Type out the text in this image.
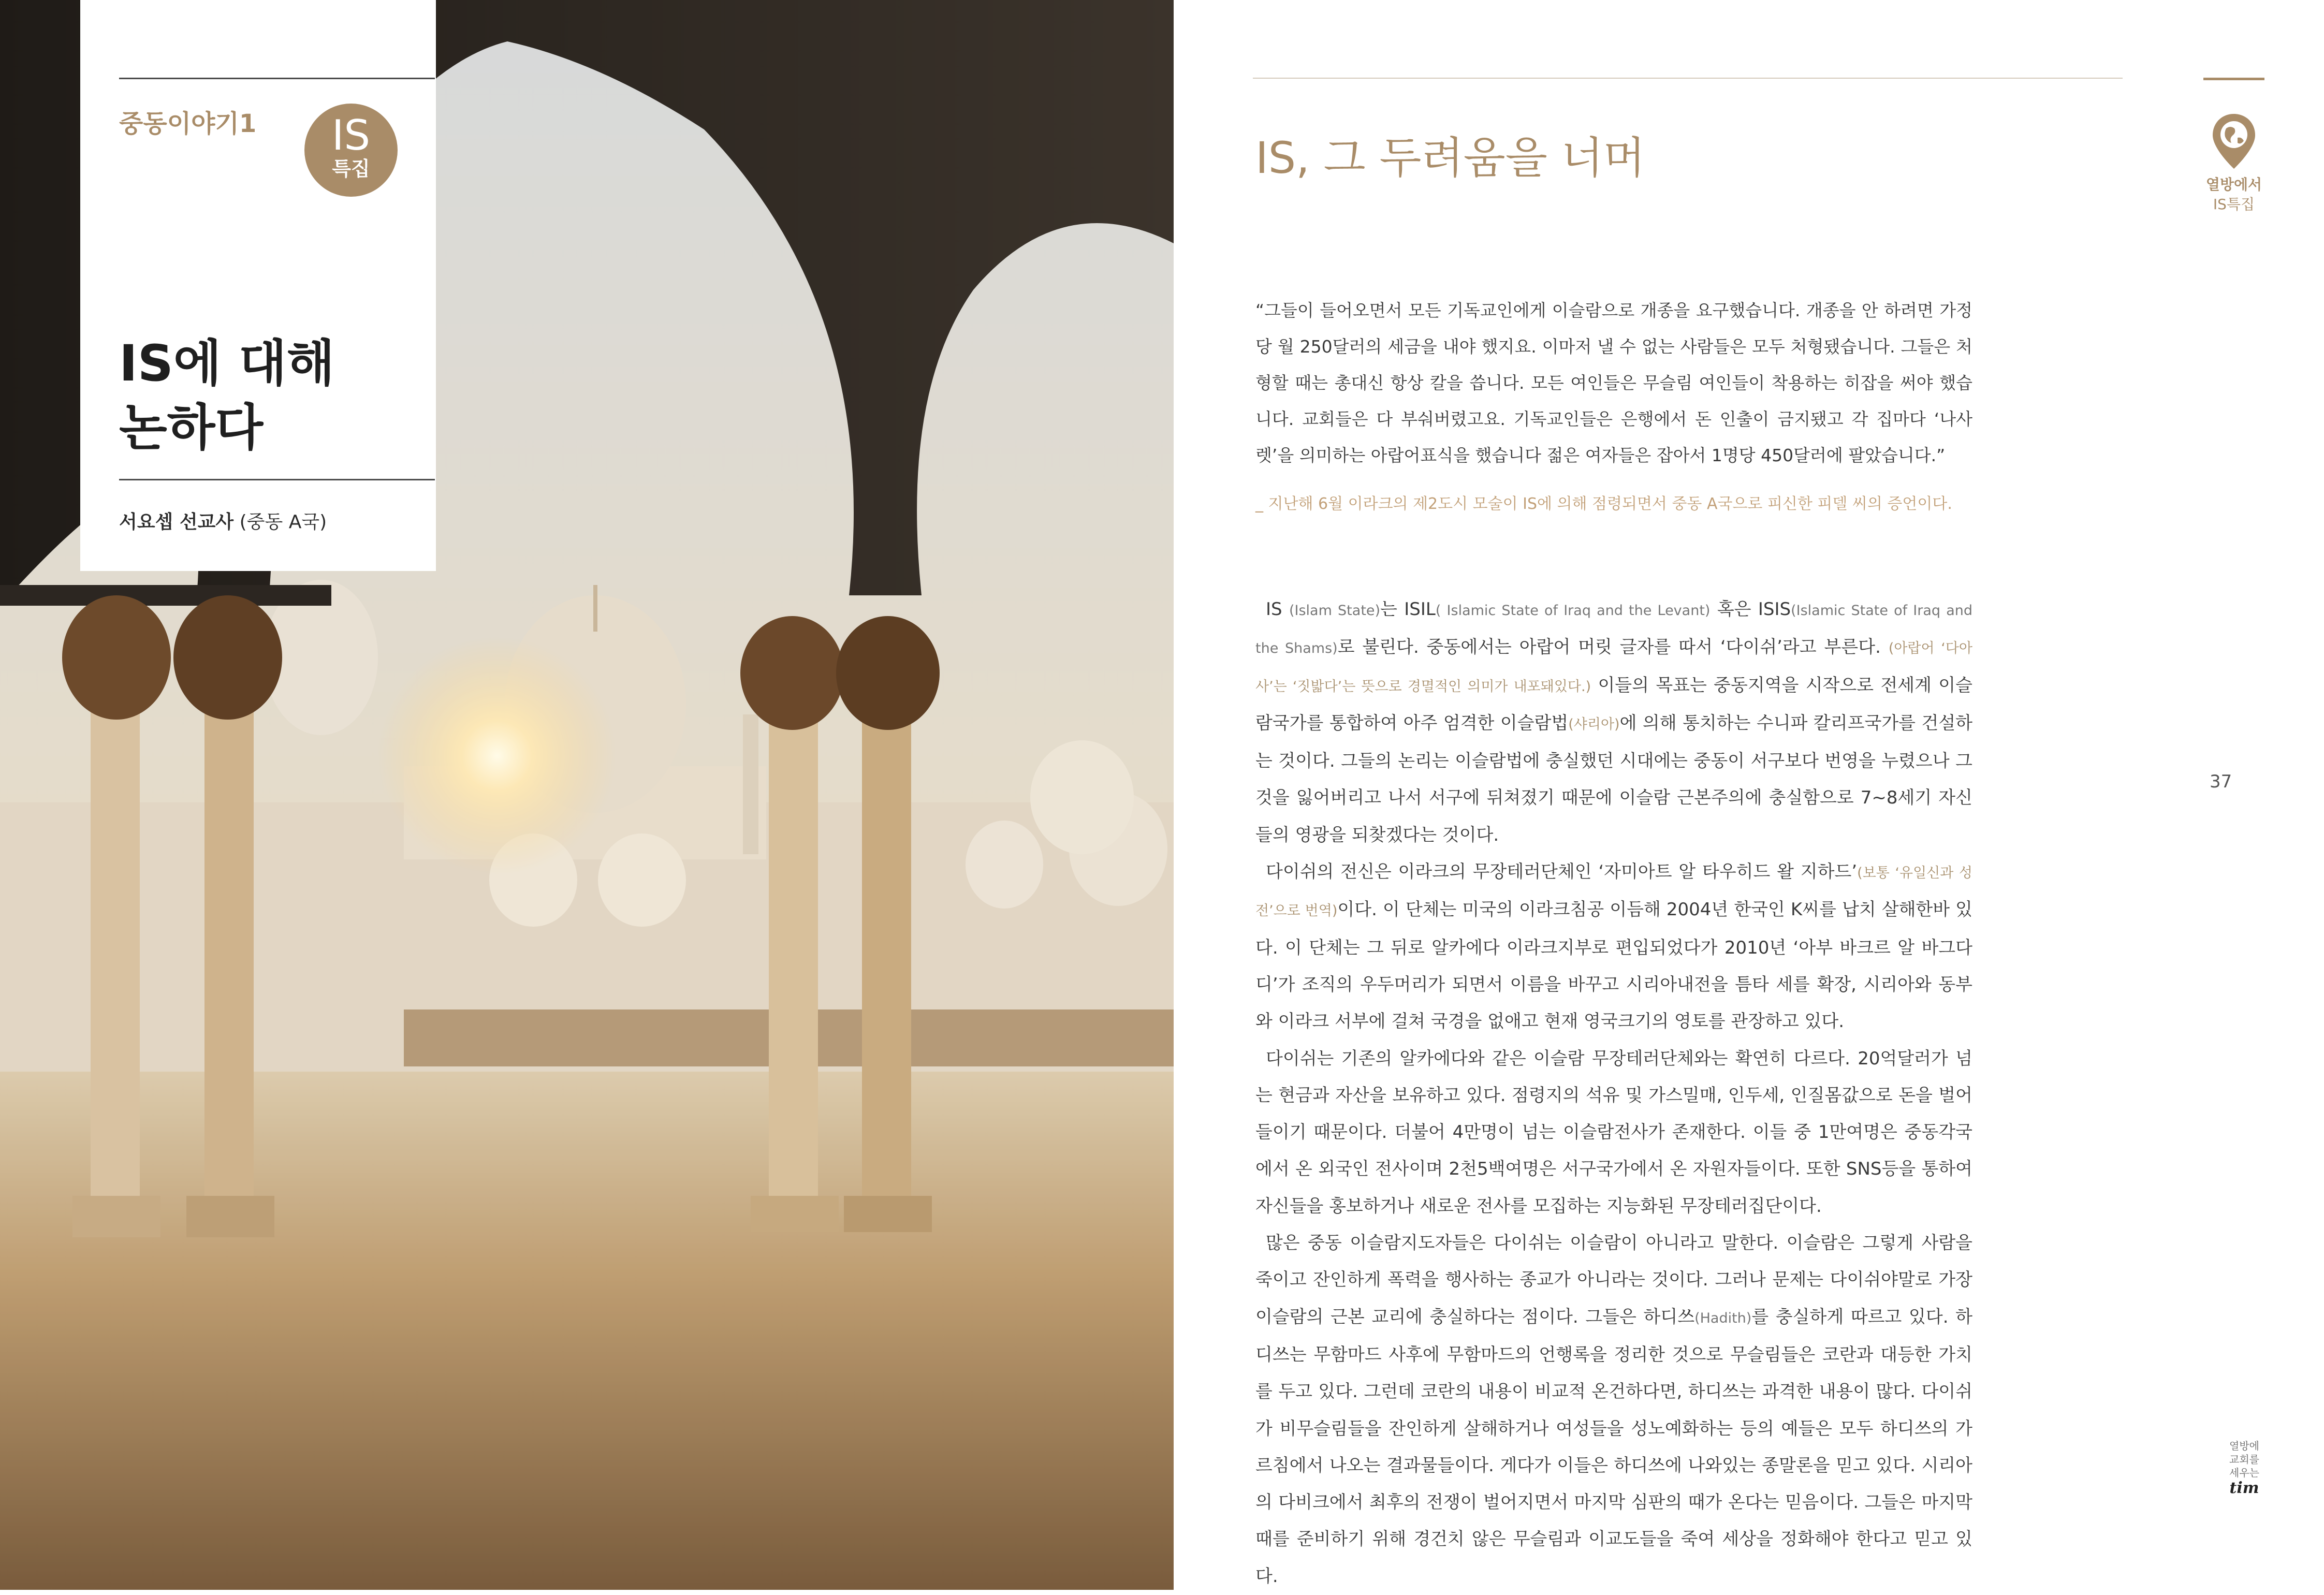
중동이야기1	IS
특집
IS에 대해
논하다
서요셉 선교사 (중동 A국)
IS, 그 두려움을 너머
“그들이 들어오면서 모든 기독교인에게 이슬람으로 개종을 요구했습니다. 개종을 안 하려면 가정당 월 250달러의 세금을 내야 했지요. 이마저 낼 수 없는 사람들은 모두 처형됐습니다. 그들은 처형할 때는 총대신 항상 칼을 씁니다. 모든 여인들은 무슬림 여인들이 착용하는 히잡을 써야 했습니다. 교회들은 다 부숴버렸고요. 기독교인들은 은행에서 돈 인출이 금지됐고 각 집마다 ‘나사렛’을 의미하는 아랍어표식을 했습니다 젊은 여자들은 잡아서 1명당 450달러에 팔았습니다.”
_ 지난해 6월 이라크의 제2도시 모술이 IS에 의해 점령되면서 중동 A국으로 피신한 피델 씨의 증언이다.

IS (Islam State)는 ISIL( Islamic State of Iraq and the Levant) 혹은 ISIS(Islamic State of Iraq and the Shams)로 불린다. 중동에서는 아랍어 머릿 글자를 따서 ‘다이쉬’라고 부른다. (아랍어 ‘다아사’는 ‘짓밟다’는 뜻으로 경멸적인 의미가 내포돼있다.) 이들의 목표는 중동지역을 시작으로 전세계 이슬람국가를 통합하여 아주 엄격한 이슬람법(샤리아)에 의해 통치하는 수니파 칼리프국가를 건설하는 것이다. 그들의 논리는 이슬람법에 충실했던 시대에는 중동이 서구보다 번영을 누렸으나 그것을 잃어버리고 나서 서구에 뒤쳐졌기 때문에 이슬람 근본주의에 충실함으로 7~8세기 자신들의 영광을 되찾겠다는 것이다.

다이쉬의 전신은 이라크의 무장테러단체인 ‘자미아트 알 타우히드 왈 지하드’(보통 ‘유일신과 성전’으로 번역)이다. 이 단체는 미국의 이라크침공 이듬해 2004년 한국인 K씨를 납치 살해한바 있다. 이 단체는 그 뒤로 알카에다 이라크지부로 편입되었다가 2010년 ‘아부 바크르 알 바그다디’가 조직의 우두머리가 되면서 이름을 바꾸고 시리아내전을 틈타 세를 확장, 시리아와 동부와 이라크 서부에 걸쳐 국경을 없애고 현재 영국크기의 영토를 관장하고 있다.

다이쉬는 기존의 알카에다와 같은 이슬람 무장테러단체와는 확연히 다르다. 20억달러가 넘는 현금과 자산을 보유하고 있다. 점령지의 석유 및 가스밀매, 인두세, 인질몸값으로 돈을 벌어들이기 때문이다. 더불어 4만명이 넘는 이슬람전사가 존재한다. 이들 중 1만여명은 중동각국에서 온 외국인 전사이며 2천5백여명은 서구국가에서 온 자원자들이다. 또한 SNS등을 통하여 자신들을 홍보하거나 새로운 전사를 모집하는 지능화된 무장테러집단이다.

많은 중동 이슬람지도자들은 다이쉬는 이슬람이 아니라고 말한다. 이슬람은 그렇게 사람을 죽이고 잔인하게 폭력을 행사하는 종교가 아니라는 것이다. 그러나 문제는 다이쉬야말로 가장 이슬람의 근본 교리에 충실하다는 점이다. 그들은 하디쓰(Hadith)를 충실하게 따르고 있다. 하디쓰는 무함마드 사후에 무함마드의 언행록을 정리한 것으로 무슬림들은 코란과 대등한 가치를 두고 있다. 그런데 코란의 내용이 비교적 온건하다면, 하디쓰는 과격한 내용이 많다. 다이쉬가 비무슬림들을 잔인하게 살해하거나 여성들을 성노예화하는 등의 예들은 모두 하디쓰의 가르침에서 나오는 결과물들이다. 게다가 이들은 하디쓰에 나와있는 종말론을 믿고 있다. 시리아의 다비크에서 최후의 전쟁이 벌어지면서 마지막 심판의 때가 온다는 믿음이다. 그들은 마지막 때를 준비하기 위해 경건치 않은 무슬림과 이교도들을 죽여 세상을 정화해야 한다고 믿고 있다.

열방에서
IS특집
37
열방에
교회를
세우는
tim
